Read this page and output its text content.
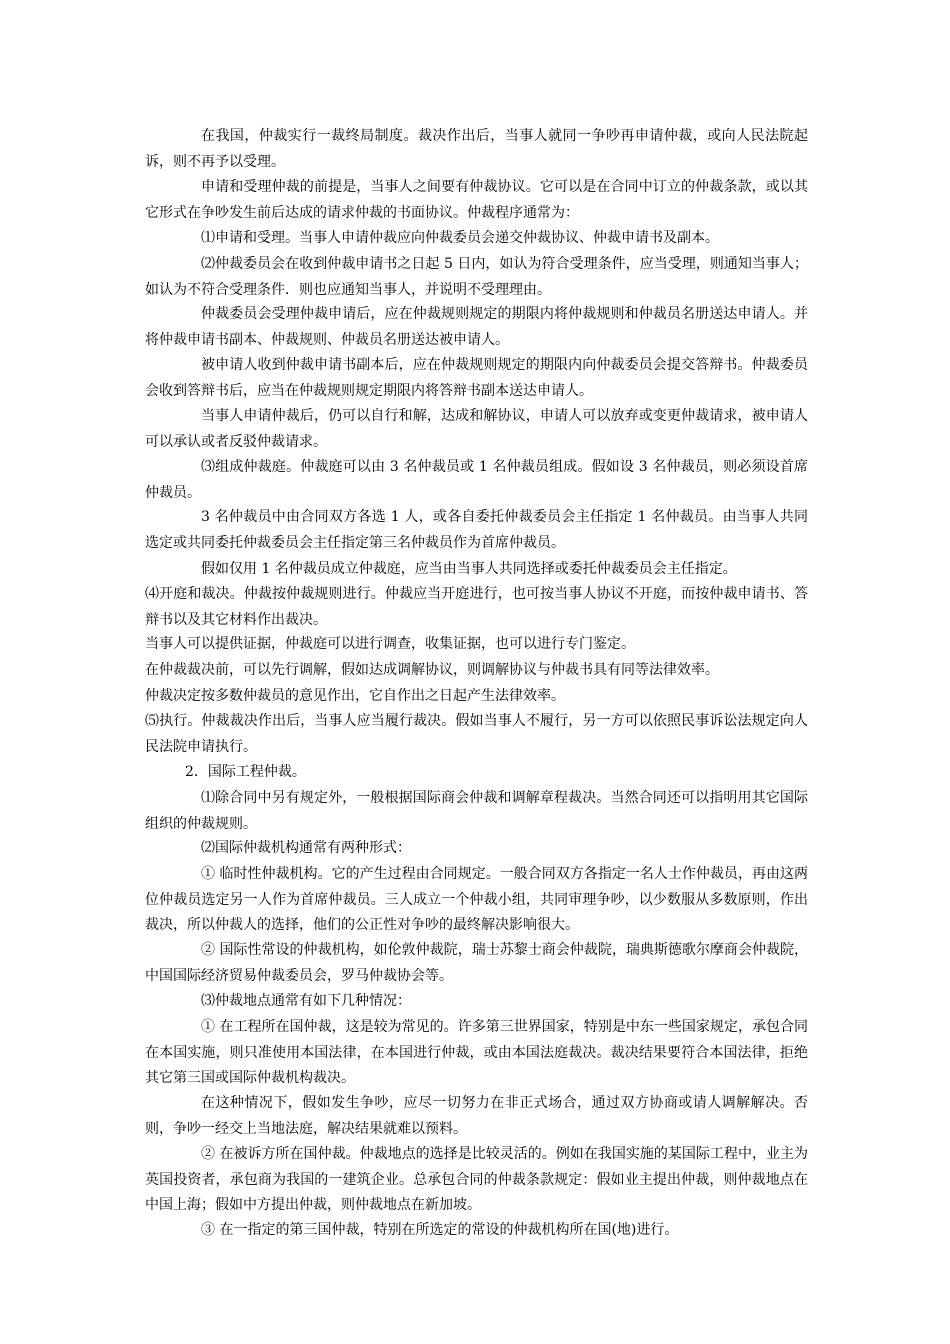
在我国，仲裁实行一裁终局制度。裁决作出后，当事人就同一争吵再申请仲裁，或向人民法院起诉，则不再予以受理。

申请和受理仲裁的前提是，当事人之间要有仲裁协议。它可以是在合同中订立的仲裁条款，或以其它形式在争吵发生前后达成的请求仲裁的书面协议。仲裁程序通常为：

⑴申请和受理。当事人申请仲裁应向仲裁委员会递交仲裁协议、仲裁申请书及副本。

⑵仲裁委员会在收到仲裁申请书之日起 5 日内，如认为符合受理条件，应当受理，则通知当事人；如认为不符合受理条件．则也应通知当事人，并说明不受理理由。

仲裁委员会受理仲裁申请后，应在仲裁规则规定的期限内将仲裁规则和仲裁员名册送达申请人。并将仲裁申请书副本、仲裁规则、仲裁员名册送达被申请人。

被申请人收到仲裁申请书副本后，应在仲裁规则规定的期限内向仲裁委员会提交答辩书。仲裁委员会收到答辩书后，应当在仲裁规则规定期限内将答辩书副本送达申请人。

当事人申请仲裁后，仍可以自行和解，达成和解协议，申请人可以放弃或变更仲裁请求，被申请人可以承认或者反驳仲裁请求。

⑶组成仲裁庭。仲裁庭可以由 3 名仲裁员或 1 名仲裁员组成。假如设 3 名仲裁员，则必须设首席仲裁员。

3 名仲裁员中由合同双方各选 1 人，或各自委托仲裁委员会主任指定 1 名仲裁员。由当事人共同选定或共同委托仲裁委员会主任指定第三名仲裁员作为首席仲裁员。

假如仅用 1 名仲裁员成立仲裁庭，应当由当事人共同选择或委托仲裁委员会主任指定。

⑷开庭和裁决。仲裁按仲裁规则进行。仲裁应当开庭进行，也可按当事人协议不开庭，而按仲裁申请书、答辩书以及其它材料作出裁决。

当事人可以提供证据，仲裁庭可以进行调查，收集证据，也可以进行专门鉴定。

在仲裁裁决前，可以先行调解，假如达成调解协议，则调解协议与仲裁书具有同等法律效率。

仲裁决定按多数仲裁员的意见作出，它自作出之日起产生法律效率。

⑸执行。仲裁裁决作出后，当事人应当履行裁决。假如当事人不履行，另一方可以依照民事诉讼法规定向人民法院申请执行。

2．国际工程仲裁。

⑴除合同中另有规定外，一般根据国际商会仲裁和调解章程裁决。当然合同还可以指明用其它国际组织的仲裁规则。

⑵国际仲裁机构通常有两种形式：

① 临时性仲裁机构。它的产生过程由合同规定。一般合同双方各指定一名人士作仲裁员，再由这两位仲裁员选定另一人作为首席仲裁员。三人成立一个仲裁小组，共同审理争吵，以少数服从多数原则，作出裁决，所以仲裁人的选择，他们的公正性对争吵的最终解决影响很大。

② 国际性常设的仲裁机构，如伦敦仲裁院，瑞士苏黎士商会仲裁院，瑞典斯德歌尔摩商会仲裁院，中国国际经济贸易仲裁委员会，罗马仲裁协会等。

⑶仲裁地点通常有如下几种情况：

① 在工程所在国仲裁，这是较为常见的。许多第三世界国家，特别是中东一些国家规定，承包合同在本国实施，则只准使用本国法律，在本国进行仲裁，或由本国法庭裁决。裁决结果要符合本国法律，拒绝其它第三国或国际仲裁机构裁决。

在这种情况下，假如发生争吵，应尽一切努力在非正式场合，通过双方协商或请人调解解决。否则，争吵一经交上当地法庭，解决结果就难以预料。

② 在被诉方所在国仲裁。仲裁地点的选择是比较灵活的。例如在我国实施的某国际工程中，业主为英国投资者，承包商为我国的一建筑企业。总承包合同的仲裁条款规定：假如业主提出仲裁，则仲裁地点在中国上海；假如中方提出仲裁，则仲裁地点在新加坡。

③ 在一指定的第三国仲裁，特别在所选定的常设的仲裁机构所在国(地)进行。
